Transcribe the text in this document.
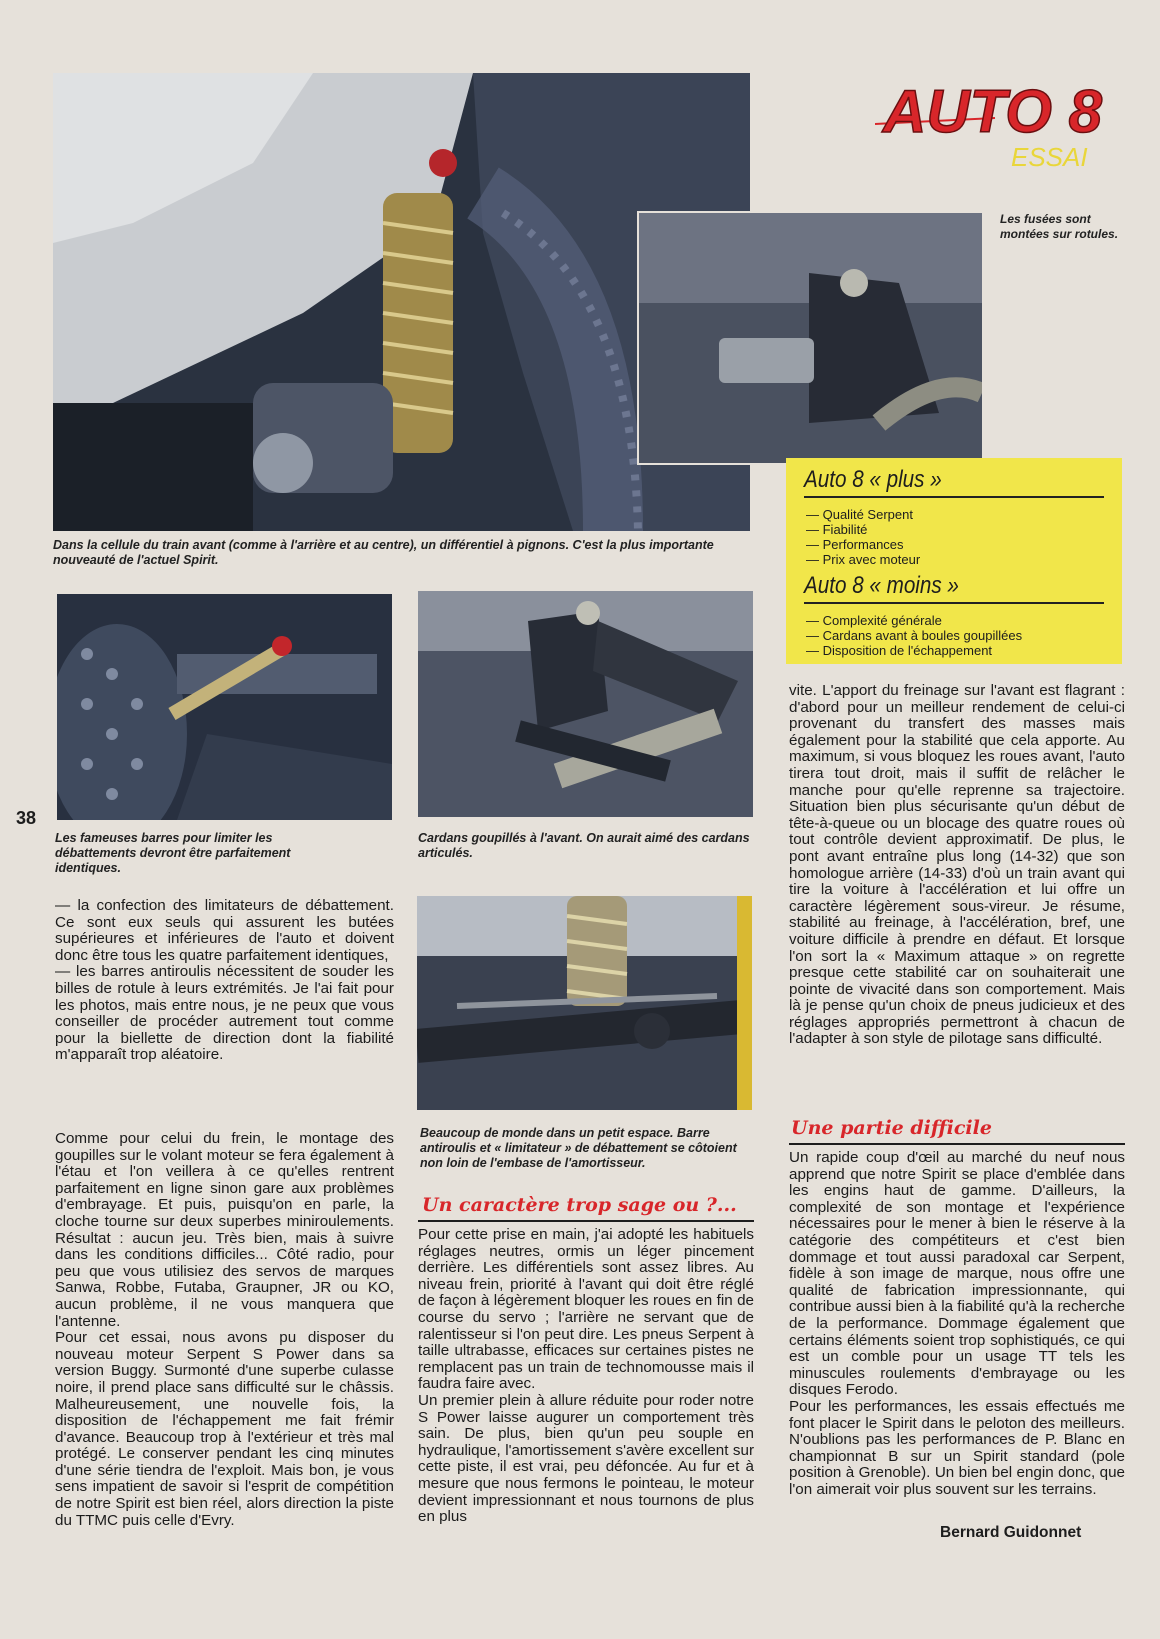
AUTO 8
ESSAI
Dans la cellule du train avant (comme à l'arrière et au centre), un différentiel à pignons. C'est la plus importante nouveauté de l'actuel Spirit.
Les fusées sont montées sur rotules.
Auto 8 « plus »
— Qualité Serpent
— Fiabilité
— Performances
— Prix avec moteur
Auto 8 « moins »
— Complexité générale
— Cardans avant à boules goupillées
— Disposition de l'échappement
Les fameuses barres pour limiter les débattements devront être parfaitement identiques.
Cardans goupillés à l'avant. On aurait aimé des cardans articulés.
Beaucoup de monde dans un petit espace. Barre antiroulis et « limitateur » de débattement se côtoient non loin de l'embase de l'amortisseur.
38

— la confection des limitateurs de débattement. Ce sont eux seuls qui assurent les butées supérieures et inférieures de l'auto et doivent donc être tous les quatre parfaitement identiques,

— les barres antiroulis nécessitent de souder les billes de rotule à leurs extrémités. Je l'ai fait pour les photos, mais entre nous, je ne peux que vous conseiller de procéder autrement tout comme pour la biellette de direction dont la fiabilité m'apparaît trop aléatoire.

Comme pour celui du frein, le montage des goupilles sur le volant moteur se fera également à l'étau et l'on veillera à ce qu'elles rentrent parfaitement en ligne sinon gare aux problèmes d'embrayage. Et puis, puisqu'on en parle, la cloche tourne sur deux superbes miniroulements. Résultat : aucun jeu. Très bien, mais à suivre dans les conditions difficiles... Côté radio, pour peu que vous utilisiez des servos de marques Sanwa, Robbe, Futaba, Graupner, JR ou KO, aucun problème, il ne vous manquera que l'antenne.

Pour cet essai, nous avons pu disposer du nouveau moteur Serpent S Power dans sa version Buggy. Surmonté d'une superbe culasse noire, il prend place sans difficulté sur le châssis. Malheureusement, une nouvelle fois, la disposition de l'échappement me fait frémir d'avance. Beaucoup trop à l'extérieur et très mal protégé. Le conserver pendant les cinq minutes d'une série tiendra de l'exploit. Mais bon, je vous sens impatient de savoir si l'esprit de compétition de notre Spirit est bien réel, alors direction la piste du TTMC puis celle d'Evry.

Un caractère trop sage ou ?...

Pour cette prise en main, j'ai adopté les habituels réglages neutres, ormis un léger pincement derrière. Les différentiels sont assez libres. Au niveau frein, priorité à l'avant qui doit être réglé de façon à légèrement bloquer les roues en fin de course du servo ; l'arrière ne servant que de ralentisseur si l'on peut dire. Les pneus Serpent à taille ultrabasse, efficaces sur certaines pistes ne remplacent pas un train de technomousse mais il faudra faire avec.

Un premier plein à allure réduite pour roder notre S Power laisse augurer un comportement très sain. De plus, bien qu'un peu souple en hydraulique, l'amortissement s'avère excellent sur cette piste, il est vrai, peu défoncée. Au fur et à mesure que nous fermons le pointeau, le moteur devient impressionnant et nous tournons de plus en plus

vite. L'apport du freinage sur l'avant est flagrant : d'abord pour un meilleur rendement de celui-ci provenant du transfert des masses mais également pour la stabilité que cela apporte. Au maximum, si vous bloquez les roues avant, l'auto tirera tout droit, mais il suffit de relâcher le manche pour qu'elle reprenne sa trajectoire. Situation bien plus sécurisante qu'un début de tête-à-queue ou un blocage des quatre roues où tout contrôle devient approximatif. De plus, le pont avant entraîne plus long (14-32) que son homologue arrière (14-33) d'où un train avant qui tire la voiture à l'accélération et lui offre un caractère légèrement sous-vireur. Je résume, stabilité au freinage, à l'accélération, bref, une voiture difficile à prendre en défaut. Et lorsque l'on sort la « Maximum attaque » on regrette presque cette stabilité car on souhaiterait une pointe de vivacité dans son comportement. Mais là je pense qu'un choix de pneus judicieux et des réglages appropriés permettront à chacun de l'adapter à son style de pilotage sans difficulté.

Une partie difficile

Un rapide coup d'œil au marché du neuf nous apprend que notre Spirit se place d'emblée dans les engins haut de gamme. D'ailleurs, la complexité de son montage et l'expérience nécessaires pour le mener à bien le réserve à la catégorie des compétiteurs et c'est bien dommage et tout aussi paradoxal car Serpent, fidèle à son image de marque, nous offre une qualité de fabrication impressionnante, qui contribue aussi bien à la fiabilité qu'à la recherche de la performance. Dommage également que certains éléments soient trop sophistiqués, ce qui est un comble pour un usage TT tels les minuscules roulements d'embrayage ou les disques Ferodo.

Pour les performances, les essais effectués me font placer le Spirit dans le peloton des meilleurs. N'oublions pas les performances de P. Blanc en championnat B sur un Spirit standard (pole position à Grenoble). Un bien bel engin donc, que l'on aimerait voir plus souvent sur les terrains.

Bernard Guidonnet
